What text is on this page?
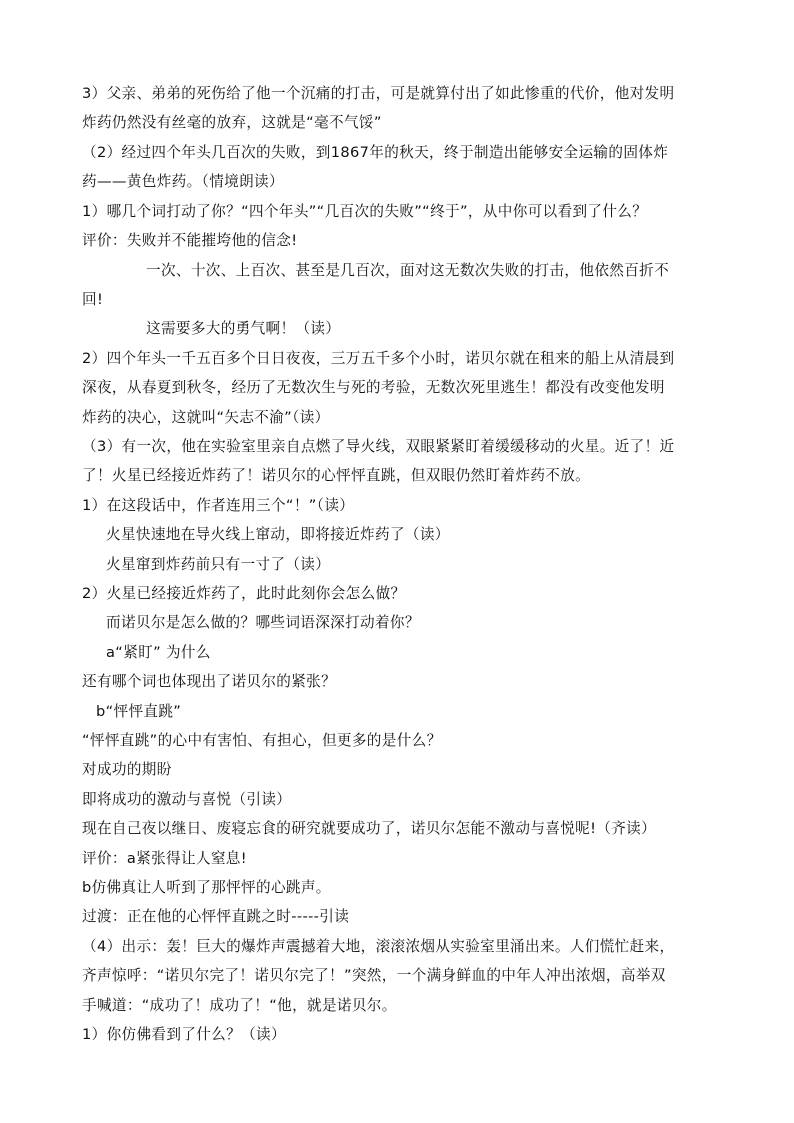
3）父亲、弟弟的死伤给了他一个沉痛的打击，可是就算付出了如此惨重的代价，他对发明
炸药仍然没有丝毫的放弃，这就是“毫不气馁”
（2）经过四个年头几百次的失败，到1867年的秋天，终于制造出能够安全运输的固体炸
药——黄色炸药。（情境朗读）
1）哪几个词打动了你？“四个年头”“几百次的失败”“终于”，从中你可以看到了什么？
评价：失败并不能摧垮他的信念!
一次、十次、上百次、甚至是几百次，面对这无数次失败的打击，他依然百折不
回!
这需要多大的勇气啊！（读）
2）四个年头一千五百多个日日夜夜，三万五千多个小时，诺贝尔就在租来的船上从清晨到
深夜，从春夏到秋冬，经历了无数次生与死的考验，无数次死里逃生！都没有改变他发明
炸药的决心，这就叫“矢志不渝”（读）
（3）有一次，他在实验室里亲自点燃了导火线，双眼紧紧盯着缓缓移动的火星。近了！近
了！火星已经接近炸药了！诺贝尔的心怦怦直跳，但双眼仍然盯着炸药不放。
1）在这段话中，作者连用三个“！”（读）
火星快速地在导火线上窜动，即将接近炸药了（读）
火星窜到炸药前只有一寸了（读）
2）火星已经接近炸药了，此时此刻你会怎么做？
而诺贝尔是怎么做的？哪些词语深深打动着你？
a“紧盯” 为什么
还有哪个词也体现出了诺贝尔的紧张？
b“怦怦直跳”
“怦怦直跳”的心中有害怕、有担心，但更多的是什么？
对成功的期盼
即将成功的激动与喜悦（引读）
现在自己夜以继日、废寝忘食的研究就要成功了，诺贝尔怎能不激动与喜悦呢!（齐读）
评价：a紧张得让人窒息!
b仿佛真让人听到了那怦怦的心跳声。
过渡：正在他的心怦怦直跳之时-----引读
（4）出示：轰！巨大的爆炸声震撼着大地，滚滚浓烟从实验室里涌出来。人们慌忙赶来，
齐声惊呼：“诺贝尔完了！诺贝尔完了！”突然，一个满身鲜血的中年人冲出浓烟，高举双
手喊道：“成功了！成功了！“他，就是诺贝尔。
1）你仿佛看到了什么？（读）
